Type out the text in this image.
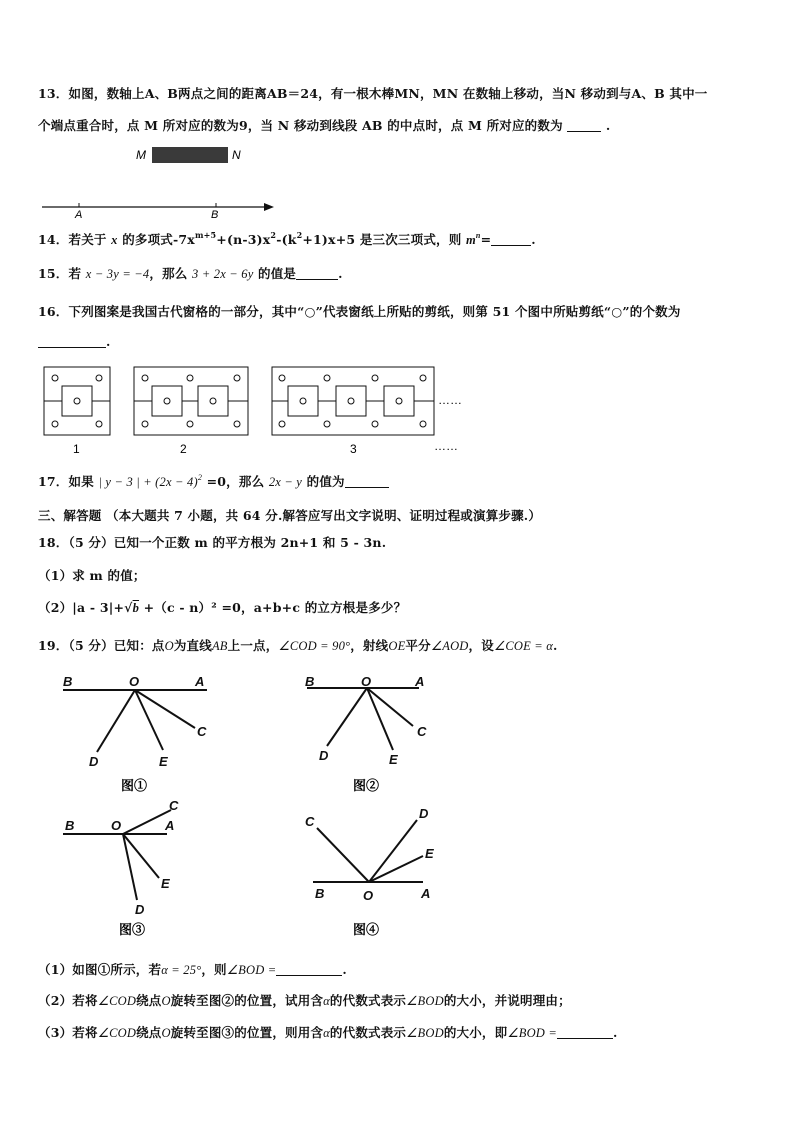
13．如图，数轴上A、B两点之间的距离AB＝24，有一根木棒MN，MN 在数轴上移动，当N 移动到与A、B 其中一
个端点重合时，点 M 所对应的数为9，当 N 移动到线段 AB 的中点时，点 M 所对应的数为	.
M	N
A	B
14．若关于 x 的多项式$-7x^{m+5}+(n-3)x^2-(k^2+1)x+5$ 是三次三项式，则 $m^n=$	.
15．若 x − 3y = −4，那么 3 + 2x − 6y 的值是	.
16．下列图案是我国古代窗格的一部分，其中“○”代表窗纸上所贴的剪纸，则第 51 个图中所贴剪纸“○”的个数为
.
……
1	2	3	……
17．如果 | y − 3 | + $(2x - 4)^2 =0$，那么 2x − y 的值为
三、解答题 （本大题共 7 小题，共 64 分.解答应写出文字说明、证明过程或演算步骤.）
18．（5 分）已知一个正数 m 的平方根为 2n+1 和 5 - 3n.
（1）求 m 的值；
（2）|a - 3|+√b +（c - n）² =0，a+b+c 的立方根是多少？
19．（5 分）已知：点O为直线AB上一点，∠COD = 90°，射线OE平分∠AOD，设∠COE = α.
B	O	A
C
D	E
图①
B	O	A
C
D	E
图②
B	O	A
C
E
D
图③
C
D
E
B	O	A
图④
（1）如图①所示，若α = 25°，则∠BOD =	.
（2）若将∠COD绕点O旋转至图②的位置，试用含α的代数式表示∠BOD的大小，并说明理由；
（3）若将∠COD绕点O旋转至图③的位置，则用含α的代数式表示∠BOD的大小，即∠BOD =	.
